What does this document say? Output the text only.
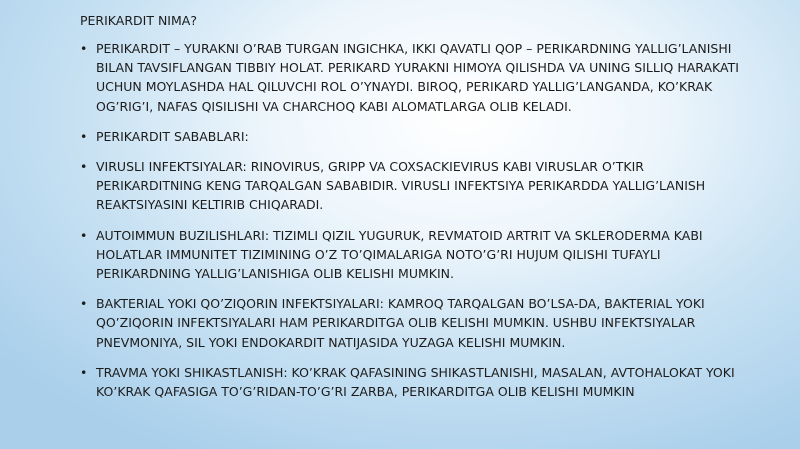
PERIKARDIT NIMA?
• PERIKARDIT – YURAKNI O’RAB TURGAN INGICHKA, IKKI QAVATLI QOP – PERIKARDNING YALLIG’LANISHI BILAN TAVSIFLANGAN TIBBIY HOLAT. PERIKARD YURAKNI HIMOYA QILISHDA VA UNING SILLIQ HARAKATI UCHUN MOYLASHDA HAL QILUVCHI ROL O’YNAYDI. BIROQ, PERIKARD YALLIG’LANGANDA, KO’KRAK OG’RIG’I, NAFAS QISILISHI VA CHARCHOQ KABI ALOMATLARGA OLIB KELADI.
• PERIKARDIT SABABLARI:
• VIRUSLI INFEKTSIYALAR: RINOVIRUS, GRIPP VA COXSACKIEVIRUS KABI VIRUSLAR O’TKIR PERIKARDITNING KENG TARQALGAN SABABIDIR. VIRUSLI INFEKTSIYA PERIKARDDA YALLIG’LANISH REAKTSIYASINI KELTIRIB CHIQARADI.
• AUTOIMMUN BUZILISHLARI: TIZIMLI QIZIL YUGURUK, REVMATOID ARTRIT VA SKLERODERMA KABI HOLATLAR IMMUNITET TIZIMINING O’Z TO’QIMALARIGA NOTO’G’RI HUJUM QILISHI TUFAYLI PERIKARDNING YALLIG’LANISHIGA OLIB KELISHI MUMKIN.
• BAKTERIAL YOKI QO’ZIQORIN INFEKTSIYALARI: KAMROQ TARQALGAN BO’LSA-DA, BAKTERIAL YOKI QO’ZIQORIN INFEKTSIYALARI HAM PERIKARDITGA OLIB KELISHI MUMKIN. USHBU INFEKTSIYALAR PNEVMONIYA, SIL YOKI ENDOKARDIT NATIJASIDA YUZAGA KELISHI MUMKIN.
• TRAVMA YOKI SHIKASTLANISH: KO’KRAK QAFASINING SHIKASTLANISHI, MASALAN, AVTOHALOKAT YOKI KO’KRAK QAFASIGA TO’G’RIDAN-TO’G’RI ZARBA, PERIKARDITGA OLIB KELISHI MUMKIN
